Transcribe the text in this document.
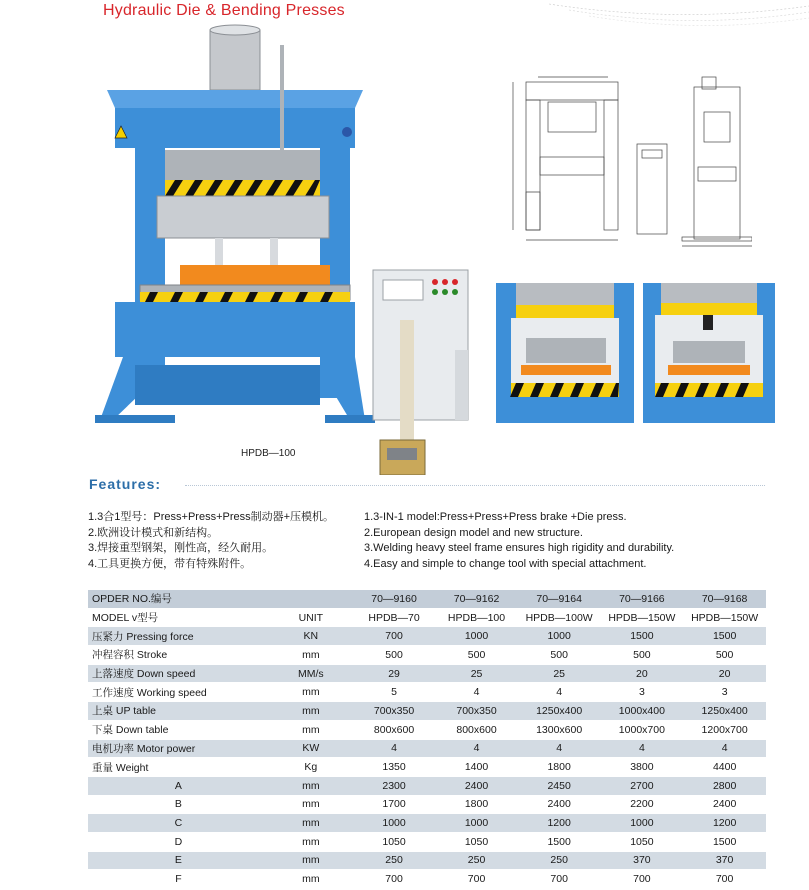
Hydraulic Die & Bending Presses
HPDB—100
Features:
1.3合1型号：Press+Press+Press制动器+压模机。
2.欧洲设计模式和新结构。
3.焊接重型钢架，刚性高，经久耐用。
4.工具更换方便，带有特殊附件。
1.3-IN-1 model:Press+Press+Press brake +Die press.
2.European design model and new structure.
3.Welding heavy steel frame ensures high rigidity and durability.
4.Easy and simple to change tool with special attachment.
OPDER NO.编号		70—9160	70—9162	70—9164	70—9166	70—9168
MODEL v型号	UNIT	HPDB—70	HPDB—100	HPDB—100W	HPDB—150W	HPDB—150W
压紧力 Pressing force	KN	700	1000	1000	1500	1500
冲程容积 Stroke	mm	500	500	500	500	500
上落速度 Down speed	MM/s	29	25	25	20	20
工作速度 Working speed	mm	5	4	4	3	3
上桌 UP table	mm	700x350	700x350	1250x400	1000x400	1250x400
下桌 Down table	mm	800x600	800x600	1300x600	1000x700	1200x700
电机功率 Motor power	KW	4	4	4	4	4
重量 Weight	Kg	1350	1400	1800	3800	4400
A	mm	2300	2400	2450	2700	2800
B	mm	1700	1800	2400	2200	2400
C	mm	1000	1000	1200	1000	1200
D	mm	1050	1050	1500	1050	1500
E	mm	250	250	250	370	370
F	mm	700	700	700	700	700
